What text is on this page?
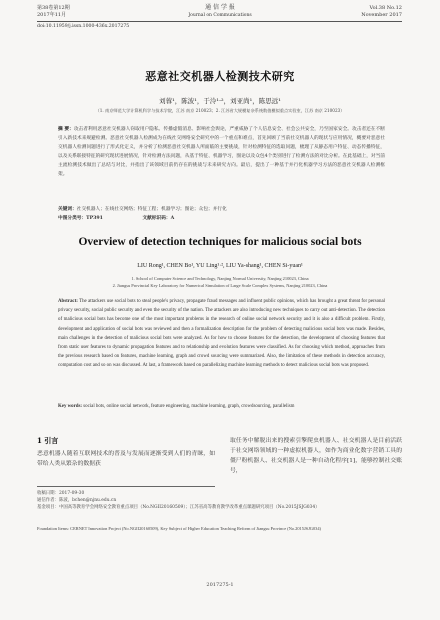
第38卷第12期
2017年11月
通 信 学 报
Journal on Communications
Vol.38 No.12
November 2017
doi:10.11959/j.issn.1000-436x.2017275
恶意社交机器人检测技术研究
刘蓉¹，陈波¹，于泠¹·²，刘亚尚¹，陈思远¹
（1. 南京师范大学计算机科学与技术学院，江苏 南京 210023；2. 江苏省大规模复杂系统数值模拟重点实验室，江苏 南京 210023）
摘 要：攻击者利用恶意社交机器人窃取用户隐私、传播虚假消息、影响社会舆论，严重威胁了个人信息安全、社会公共安全，乃至国家安全。攻击者还在不断引入新技术来规避检测。恶意社交机器人检测成为在线社交网络安全研究中的一个重点和难点，首先回顾了当前社交机器人的现状与应用情况，概要对恶意社交机器人检测问题进行了形式化定义，并分析了检测恶意社交机器人所面临的主要挑战，针对检测特征的选取问题，梳理了从静态用户特征、动态传播特征，以及关系联接特征的研究现状进展情况，针对检测方法问题，从基于特征、机器学习，图论以及众包4个类别进行了检测方法的对比分析。在此基础上，对当前主流检测技术做出了总结与对比，并指出了该领域目前仍存在的挑战与未来研究方向。最后，提出了一种基于并行化机器学习方法的恶意社交机器人检测框架。
关键词：社交机器人；在线社交网络；特征工程；机器学习；图论；众包；并行化
中图分类号：TP391	文献标识码：A
Overview of detection techniques for malicious social bots
LIU Rong¹, CHEN Bo¹, YU Ling¹·², LIU Ya-shang¹, CHEN Si-yuan¹
1. School of Computer Science and Technology, Nanjing Normal University, Nanjing 210023, China
2. Jiangsu Provincial Key Laboratory for Numerical Simulation of Large Scale Complex Systems, Nanjing 210023, China
Abstract: The attackers use social bots to steal people's privacy, propagate fraud messages and influent public opinions, which has brought a great threat for personal privacy security, social public security and even the security of the nation. The attackers are also introducing new techniques to carry out anti-detection. The detection of malicious social bots has become one of the most important problems in the research of online social network security and it is also a difficult problem. Firstly, development and application of social bots was reviewed and then a formalization description for the problem of detecting malicious social bots was made. Besides, main challenges in the detection of malicious social bots were analyzed. As for how to choose features for the detection, the development of choosing features that from static user features to dynamic propagation features and to relationship and evolution features were classified. As for choosing which method, approaches from the previous research based on features, machine learning, graph and crowd sourcing were summarized. Also, the limitation of these methods in detection accuracy, computation cost and so on was discussed. At last, a framework based on parallelizing machine learning methods to detect malicious social bots was proposed.
Key words: social bots, online social network, feature engineering, machine learning, graph, crowdsourcing, parallelism
1 引言
恶意机器人随着互联网技术的普及与发展而逐渐受到人们的青睐，如带给人类从繁杂的数据获
取任务中解脱出来的搜索引擎爬虫机器人、社交机器人是目前活跃于社交网络领域的一种虚拟机器人，如作为商业化数字营销工具的僵尸粉机器人、社交机器人是一种自动化程序[1]，能够控制社交账号，
收稿日期：2017-09-30
通信作者：陈波，bchen@njnu.edu.cn
基金项目：中国高等教育学会网络安全教育重点项目（No.NGII20160509）；江苏省高等教育教学改革重点课题研究项目（No.2015JSJG034）
Foundation Items: CERNET Innovation Project (No.NGII20160509), Key Subject of Higher Education Teaching Reform of Jiangsu Province (No.2015JSJG034)
2017275-1
